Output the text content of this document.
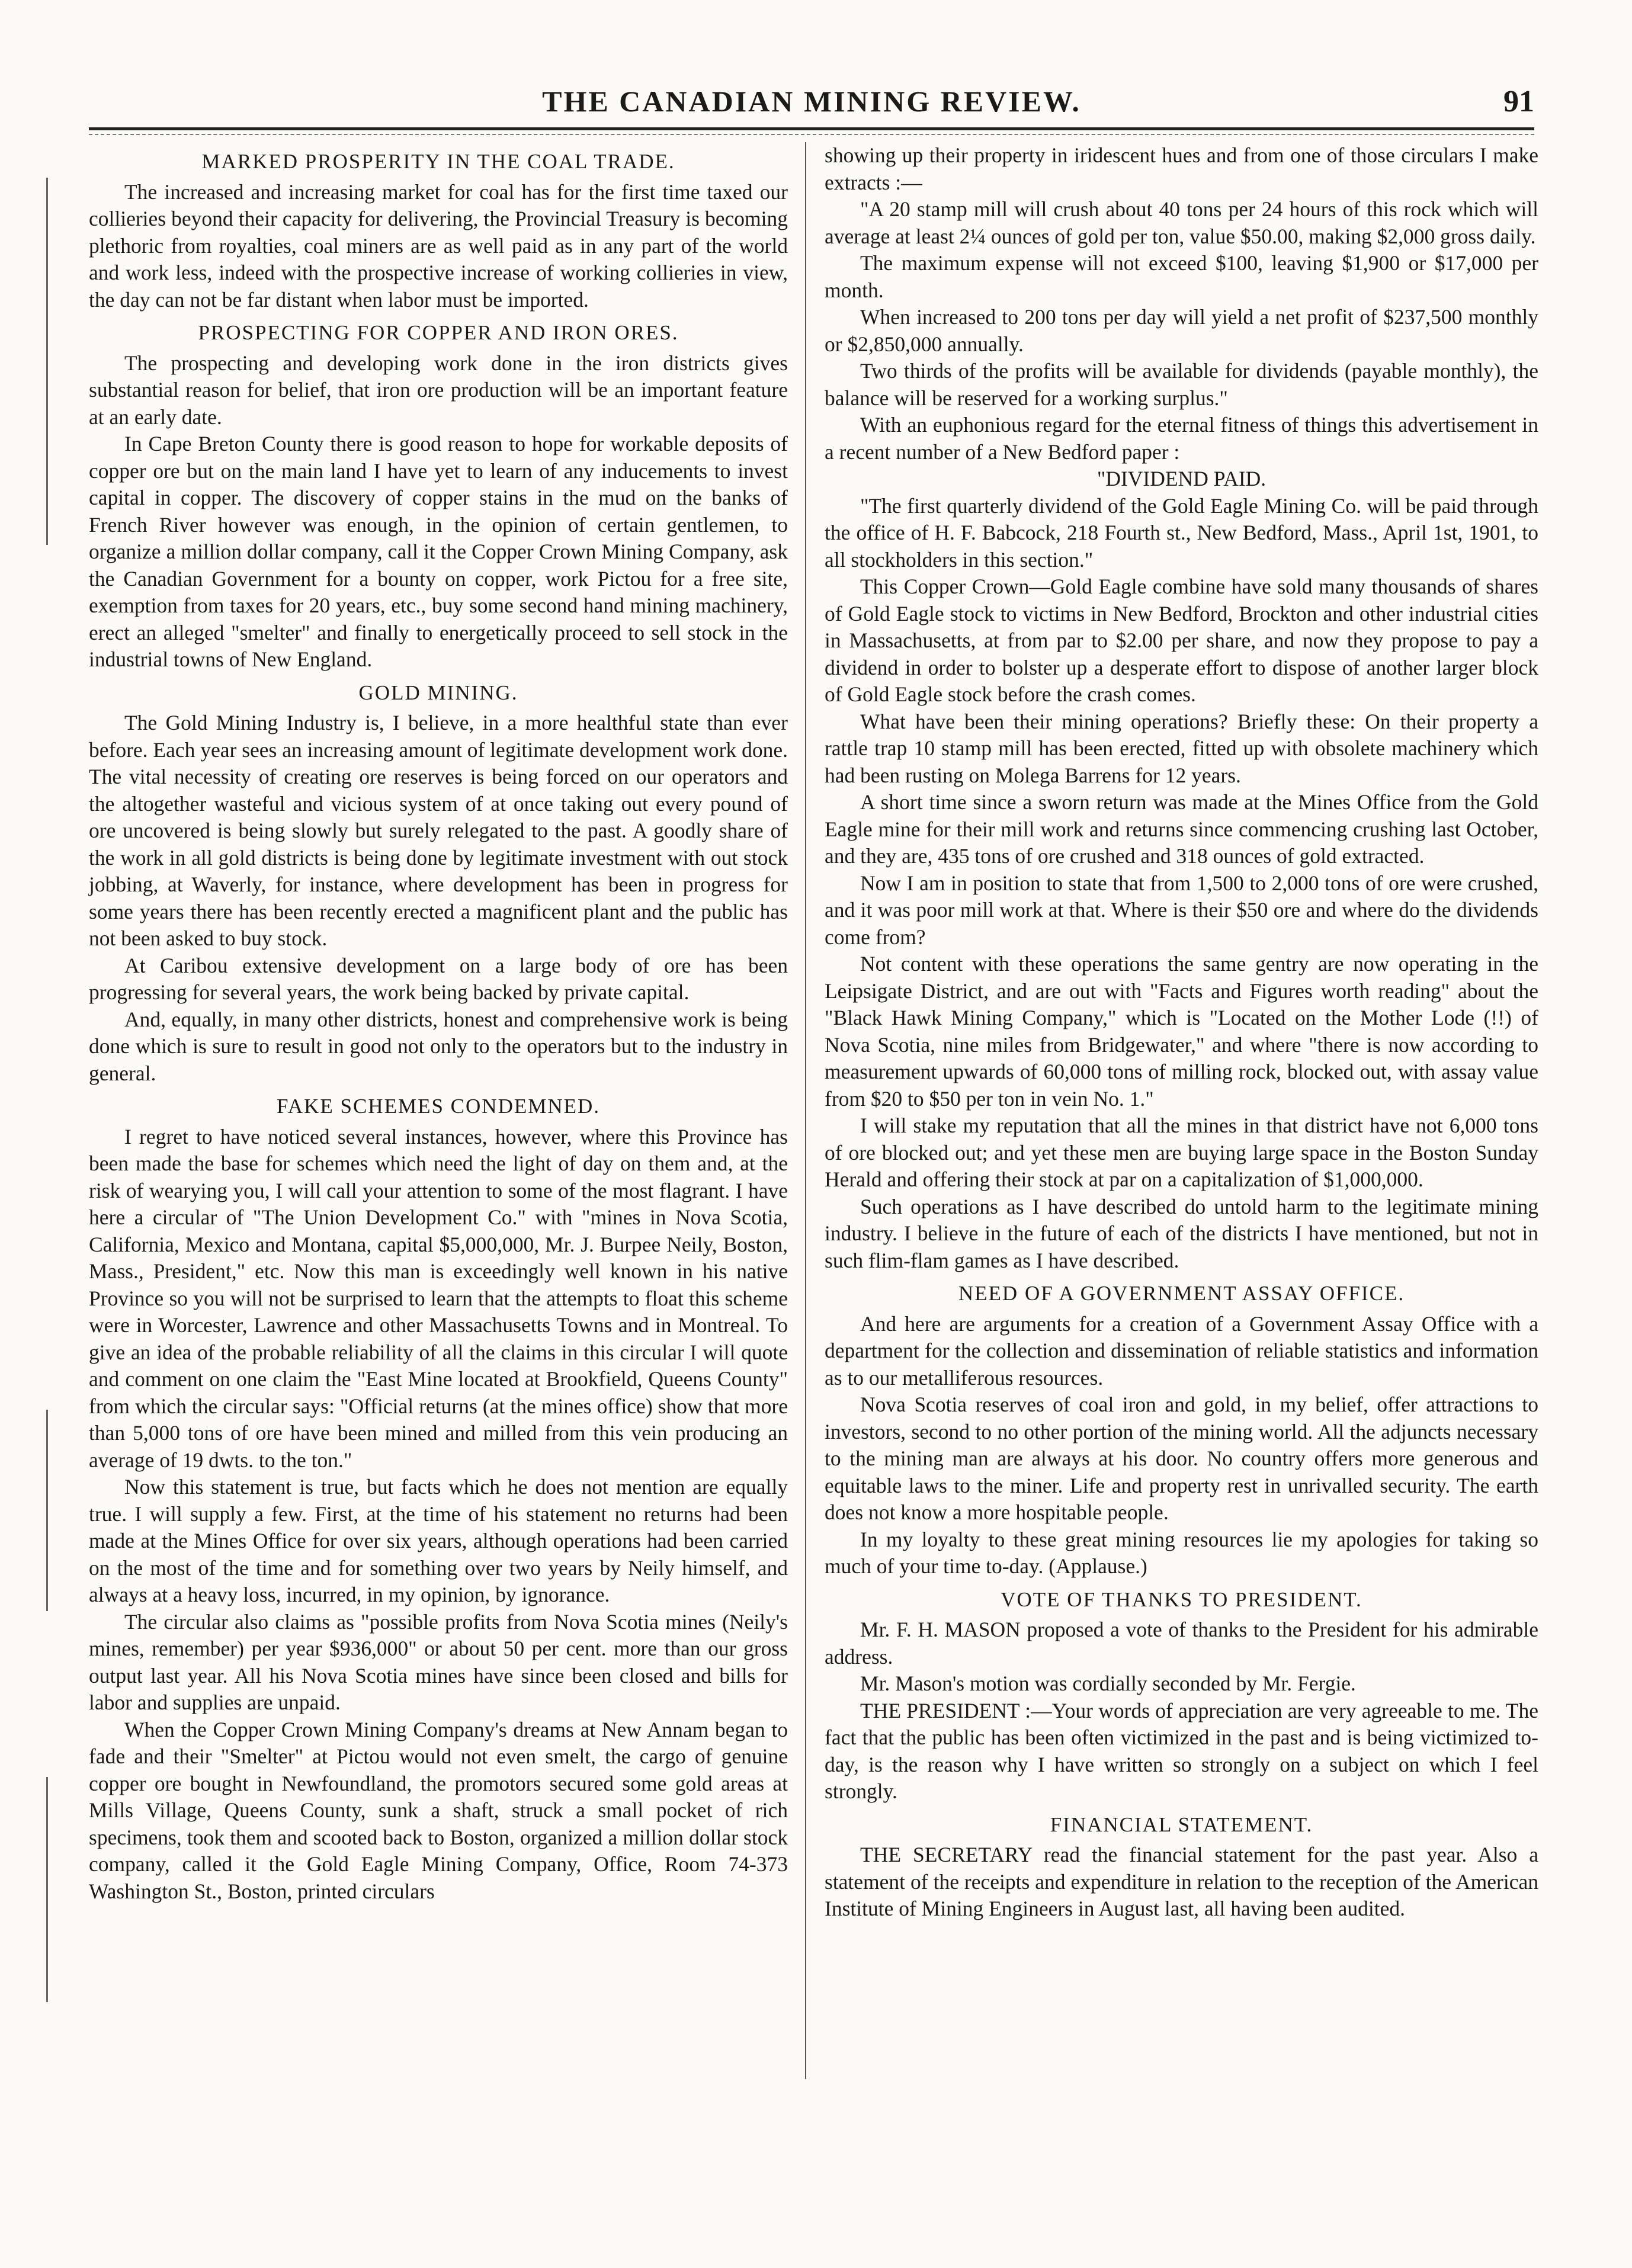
THE CANADIAN MINING REVIEW.	91
MARKED PROSPERITY IN THE COAL TRADE.

The increased and increasing market for coal has for the first time taxed our collieries beyond their capacity for delivering, the Provincial Treasury is becoming plethoric from royalties, coal miners are as well paid as in any part of the world and work less, indeed with the prospective increase of working collieries in view, the day can not be far distant when labor must be imported.

PROSPECTING FOR COPPER AND IRON ORES.

The prospecting and developing work done in the iron districts gives substantial reason for belief, that iron ore production will be an important feature at an early date.

In Cape Breton County there is good reason to hope for workable deposits of copper ore but on the main land I have yet to learn of any inducements to invest capital in copper. The discovery of copper stains in the mud on the banks of French River however was enough, in the opinion of certain gentlemen, to organize a million dollar company, call it the Copper Crown Mining Company, ask the Canadian Government for a bounty on copper, work Pictou for a free site, exemption from taxes for 20 years, etc., buy some second hand mining machinery, erect an alleged "smelter" and finally to energetically proceed to sell stock in the industrial towns of New England.

GOLD MINING.

The Gold Mining Industry is, I believe, in a more healthful state than ever before. Each year sees an increasing amount of legitimate development work done. The vital necessity of creating ore reserves is being forced on our operators and the altogether wasteful and vicious system of at once taking out every pound of ore uncovered is being slowly but surely relegated to the past. A goodly share of the work in all gold districts is being done by legitimate investment with out stock jobbing, at Waverly, for instance, where development has been in progress for some years there has been recently erected a magnificent plant and the public has not been asked to buy stock.

At Caribou extensive development on a large body of ore has been progressing for several years, the work being backed by private capital.

And, equally, in many other districts, honest and comprehensive work is being done which is sure to result in good not only to the operators but to the industry in general.

FAKE SCHEMES CONDEMNED.

I regret to have noticed several instances, however, where this Province has been made the base for schemes which need the light of day on them and, at the risk of wearying you, I will call your attention to some of the most flagrant. I have here a circular of "The Union Development Co." with "mines in Nova Scotia, California, Mexico and Montana, capital $5,000,000, Mr. J. Burpee Neily, Boston, Mass., President," etc. Now this man is exceedingly well known in his native Province so you will not be surprised to learn that the attempts to float this scheme were in Worcester, Lawrence and other Massachusetts Towns and in Montreal. To give an idea of the probable reliability of all the claims in this circular I will quote and comment on one claim the "East Mine located at Brookfield, Queens County" from which the circular says: "Official returns (at the mines office) show that more than 5,000 tons of ore have been mined and milled from this vein producing an average of 19 dwts. to the ton."

Now this statement is true, but facts which he does not mention are equally true. I will supply a few. First, at the time of his statement no returns had been made at the Mines Office for over six years, although operations had been carried on the most of the time and for something over two years by Neily himself, and always at a heavy loss, incurred, in my opinion, by ignorance.

The circular also claims as "possible profits from Nova Scotia mines (Neily's mines, remember) per year $936,000" or about 50 per cent. more than our gross output last year. All his Nova Scotia mines have since been closed and bills for labor and supplies are unpaid.

When the Copper Crown Mining Company's dreams at New Annam began to fade and their "Smelter" at Pictou would not even smelt, the cargo of genuine copper ore bought in Newfoundland, the promotors secured some gold areas at Mills Village, Queens County, sunk a shaft, struck a small pocket of rich specimens, took them and scooted back to Boston, organized a million dollar stock company, called it the Gold Eagle Mining Company, Office, Room 74-373 Washington St., Boston, printed circulars

showing up their property in iridescent hues and from one of those circulars I make extracts :—

"A 20 stamp mill will crush about 40 tons per 24 hours of this rock which will average at least 2¼ ounces of gold per ton, value $50.00, making $2,000 gross daily.

The maximum expense will not exceed $100, leaving $1,900 or $17,000 per month.

When increased to 200 tons per day will yield a net profit of $237,500 monthly or $2,850,000 annually.

Two thirds of the profits will be available for dividends (payable monthly), the balance will be reserved for a working surplus."

With an euphonious regard for the eternal fitness of things this advertisement in a recent number of a New Bedford paper :

"DIVIDEND PAID.

"The first quarterly dividend of the Gold Eagle Mining Co. will be paid through the office of H. F. Babcock, 218 Fourth st., New Bedford, Mass., April 1st, 1901, to all stockholders in this section."

This Copper Crown—Gold Eagle combine have sold many thousands of shares of Gold Eagle stock to victims in New Bedford, Brockton and other industrial cities in Massachusetts, at from par to $2.00 per share, and now they propose to pay a dividend in order to bolster up a desperate effort to dispose of another larger block of Gold Eagle stock before the crash comes.

What have been their mining operations? Briefly these: On their property a rattle trap 10 stamp mill has been erected, fitted up with obsolete machinery which had been rusting on Molega Barrens for 12 years.

A short time since a sworn return was made at the Mines Office from the Gold Eagle mine for their mill work and returns since commencing crushing last October, and they are, 435 tons of ore crushed and 318 ounces of gold extracted.

Now I am in position to state that from 1,500 to 2,000 tons of ore were crushed, and it was poor mill work at that. Where is their $50 ore and where do the dividends come from?

Not content with these operations the same gentry are now operating in the Leipsigate District, and are out with "Facts and Figures worth reading" about the "Black Hawk Mining Company," which is "Located on the Mother Lode (!!) of Nova Scotia, nine miles from Bridgewater," and where "there is now according to measurement upwards of 60,000 tons of milling rock, blocked out, with assay value from $20 to $50 per ton in vein No. 1."

I will stake my reputation that all the mines in that district have not 6,000 tons of ore blocked out; and yet these men are buying large space in the Boston Sunday Herald and offering their stock at par on a capitalization of $1,000,000.

Such operations as I have described do untold harm to the legitimate mining industry. I believe in the future of each of the districts I have mentioned, but not in such flim-flam games as I have described.

NEED OF A GOVERNMENT ASSAY OFFICE.

And here are arguments for a creation of a Government Assay Office with a department for the collection and dissemination of reliable statistics and information as to our metalliferous resources.

Nova Scotia reserves of coal iron and gold, in my belief, offer attractions to investors, second to no other portion of the mining world. All the adjuncts necessary to the mining man are always at his door. No country offers more generous and equitable laws to the miner. Life and property rest in unrivalled security. The earth does not know a more hospitable people.

In my loyalty to these great mining resources lie my apologies for taking so much of your time to-day. (Applause.)

VOTE OF THANKS TO PRESIDENT.

Mr. F. H. MASON proposed a vote of thanks to the President for his admirable address.

Mr. Mason's motion was cordially seconded by Mr. Fergie.

THE PRESIDENT :—Your words of appreciation are very agreeable to me. The fact that the public has been often victimized in the past and is being victimized to-day, is the reason why I have written so strongly on a subject on which I feel strongly.

FINANCIAL STATEMENT.

THE SECRETARY read the financial statement for the past year. Also a statement of the receipts and expenditure in relation to the reception of the American Institute of Mining Engineers in August last, all having been audited.
